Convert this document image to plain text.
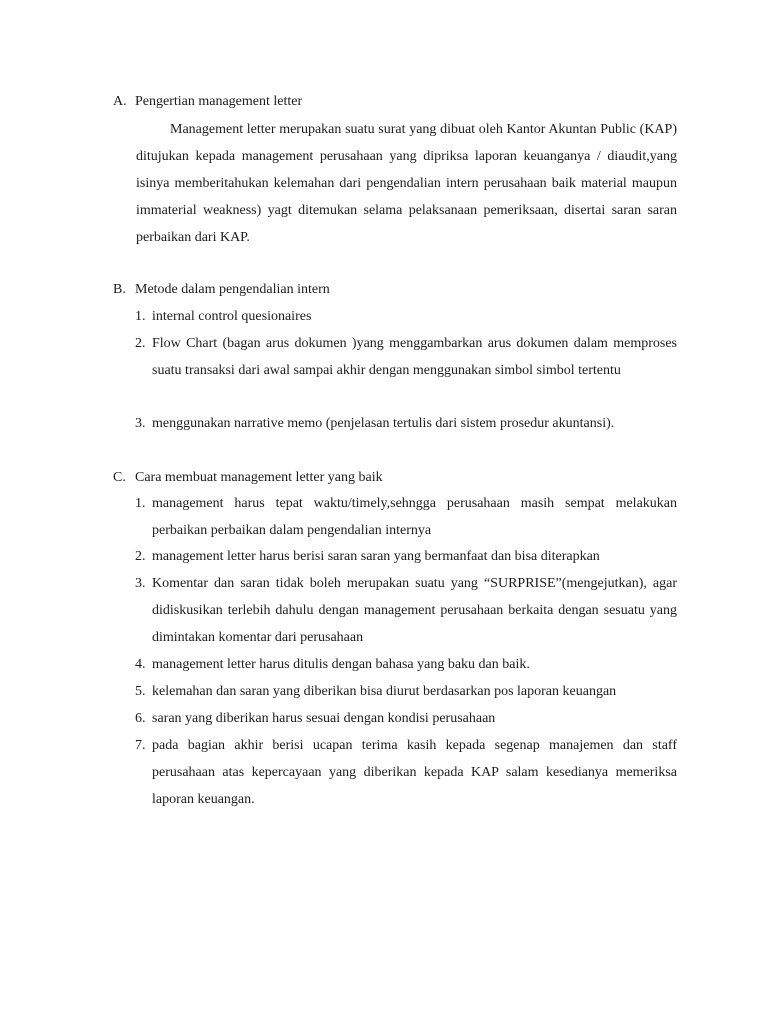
A. Pengertian management letter

Management letter merupakan suatu surat yang dibuat oleh Kantor Akuntan Public (KAP) ditujukan kepada management perusahaan yang dipriksa laporan keuanganya / diaudit,yang isinya memberitahukan kelemahan dari pengendalian intern perusahaan baik material maupun immaterial weakness) yagt ditemukan selama pelaksanaan pemeriksaan, disertai saran saran perbaikan dari KAP.

B. Metode dalam pengendalian intern
1. internal control quesionaires
2. Flow Chart (bagan arus dokumen )yang menggambarkan arus dokumen dalam memproses suatu transaksi dari awal sampai akhir dengan menggunakan simbol simbol tertentu
3. menggunakan narrative memo (penjelasan tertulis dari sistem prosedur akuntansi).
C. Cara membuat management letter yang baik
1. management harus tepat waktu/timely,sehngga perusahaan masih sempat melakukan perbaikan perbaikan dalam pengendalian internya
2. management letter harus berisi saran saran yang bermanfaat dan bisa diterapkan
3. Komentar dan saran tidak boleh merupakan suatu yang “SURPRISE”(mengejutkan), agar didiskusikan terlebih dahulu dengan management perusahaan berkaita dengan sesuatu yang dimintakan komentar dari perusahaan
4. management letter harus ditulis dengan bahasa yang baku dan baik.
5. kelemahan dan saran yang diberikan bisa diurut berdasarkan pos laporan keuangan
6. saran yang diberikan harus sesuai dengan kondisi perusahaan
7. pada bagian akhir berisi ucapan terima kasih kepada segenap manajemen dan staff perusahaan atas kepercayaan yang diberikan kepada KAP salam kesedianya memeriksa laporan keuangan.
